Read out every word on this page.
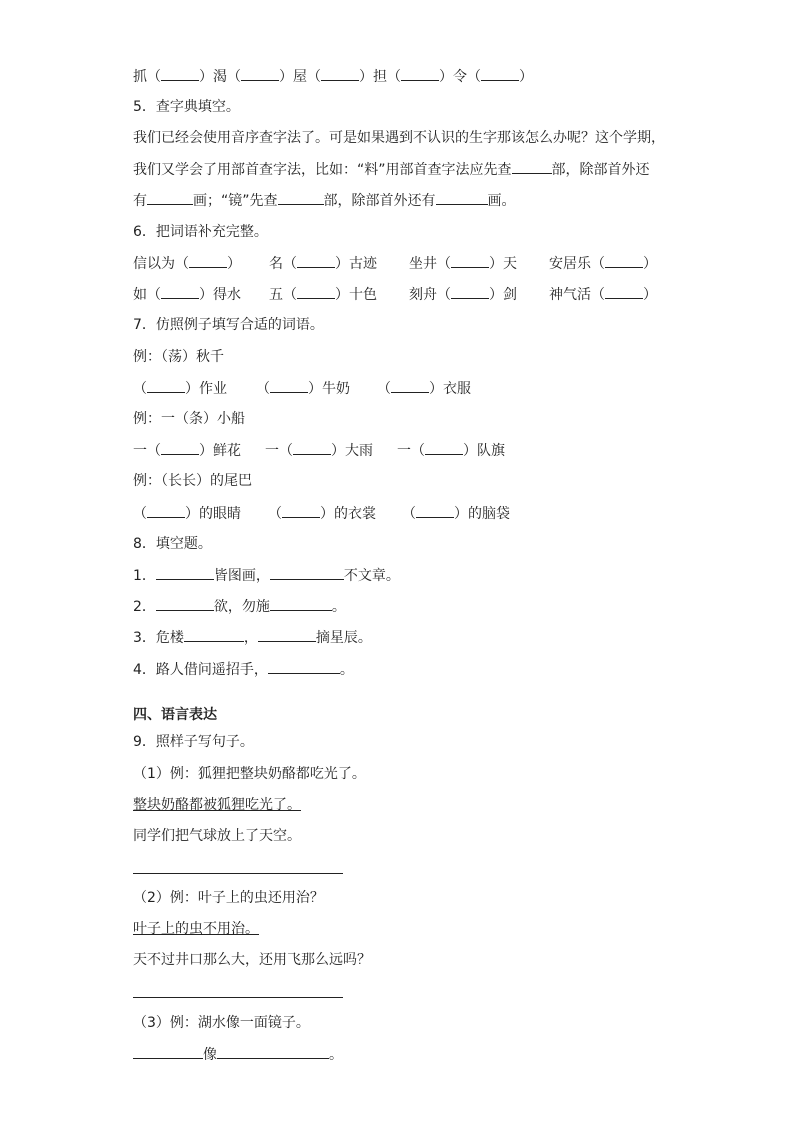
抓（	）渴（	）屋（	）担（	）令（	）
5．查字典填空。
我们已经会使用音序查字法了。可是如果遇到不认识的生字那该怎么办呢？这个学期，
我们又学会了用部首查字法，比如：“料”用部首查字法应先查	部，除部首外还
有	画；“镜”先查	部，除部首外还有	画。
6．把词语补充完整。
信以为（	） 名（	）古迹 坐井（	）天 安居乐（	）
如（	）得水 五（	）十色 刻舟（	）剑 神气活（	）
7．仿照例子填写合适的词语。
例：（荡）秋千
（	）作业 （	）牛奶 （	）衣服
例：一（条）小船
一（	）鲜花 一（	）大雨 一（	）队旗
例：（长长）的尾巴
（	）的眼睛 （	）的衣裳 （	）的脑袋
8．填空题。
1．	皆图画，	不文章。
2．	欲，勿施	。
3．危楼	，	摘星辰。
4．路人借问遥招手，	。
四、语言表达
9．照样子写句子。
（1）例：狐狸把整块奶酪都吃光了。
整块奶酪都被狐狸吃光了。
同学们把气球放上了天空。
（2）例：叶子上的虫还用治？
叶子上的虫不用治。
天不过井口那么大，还用飞那么远吗？
（3）例：湖水像一面镜子。
像	。
